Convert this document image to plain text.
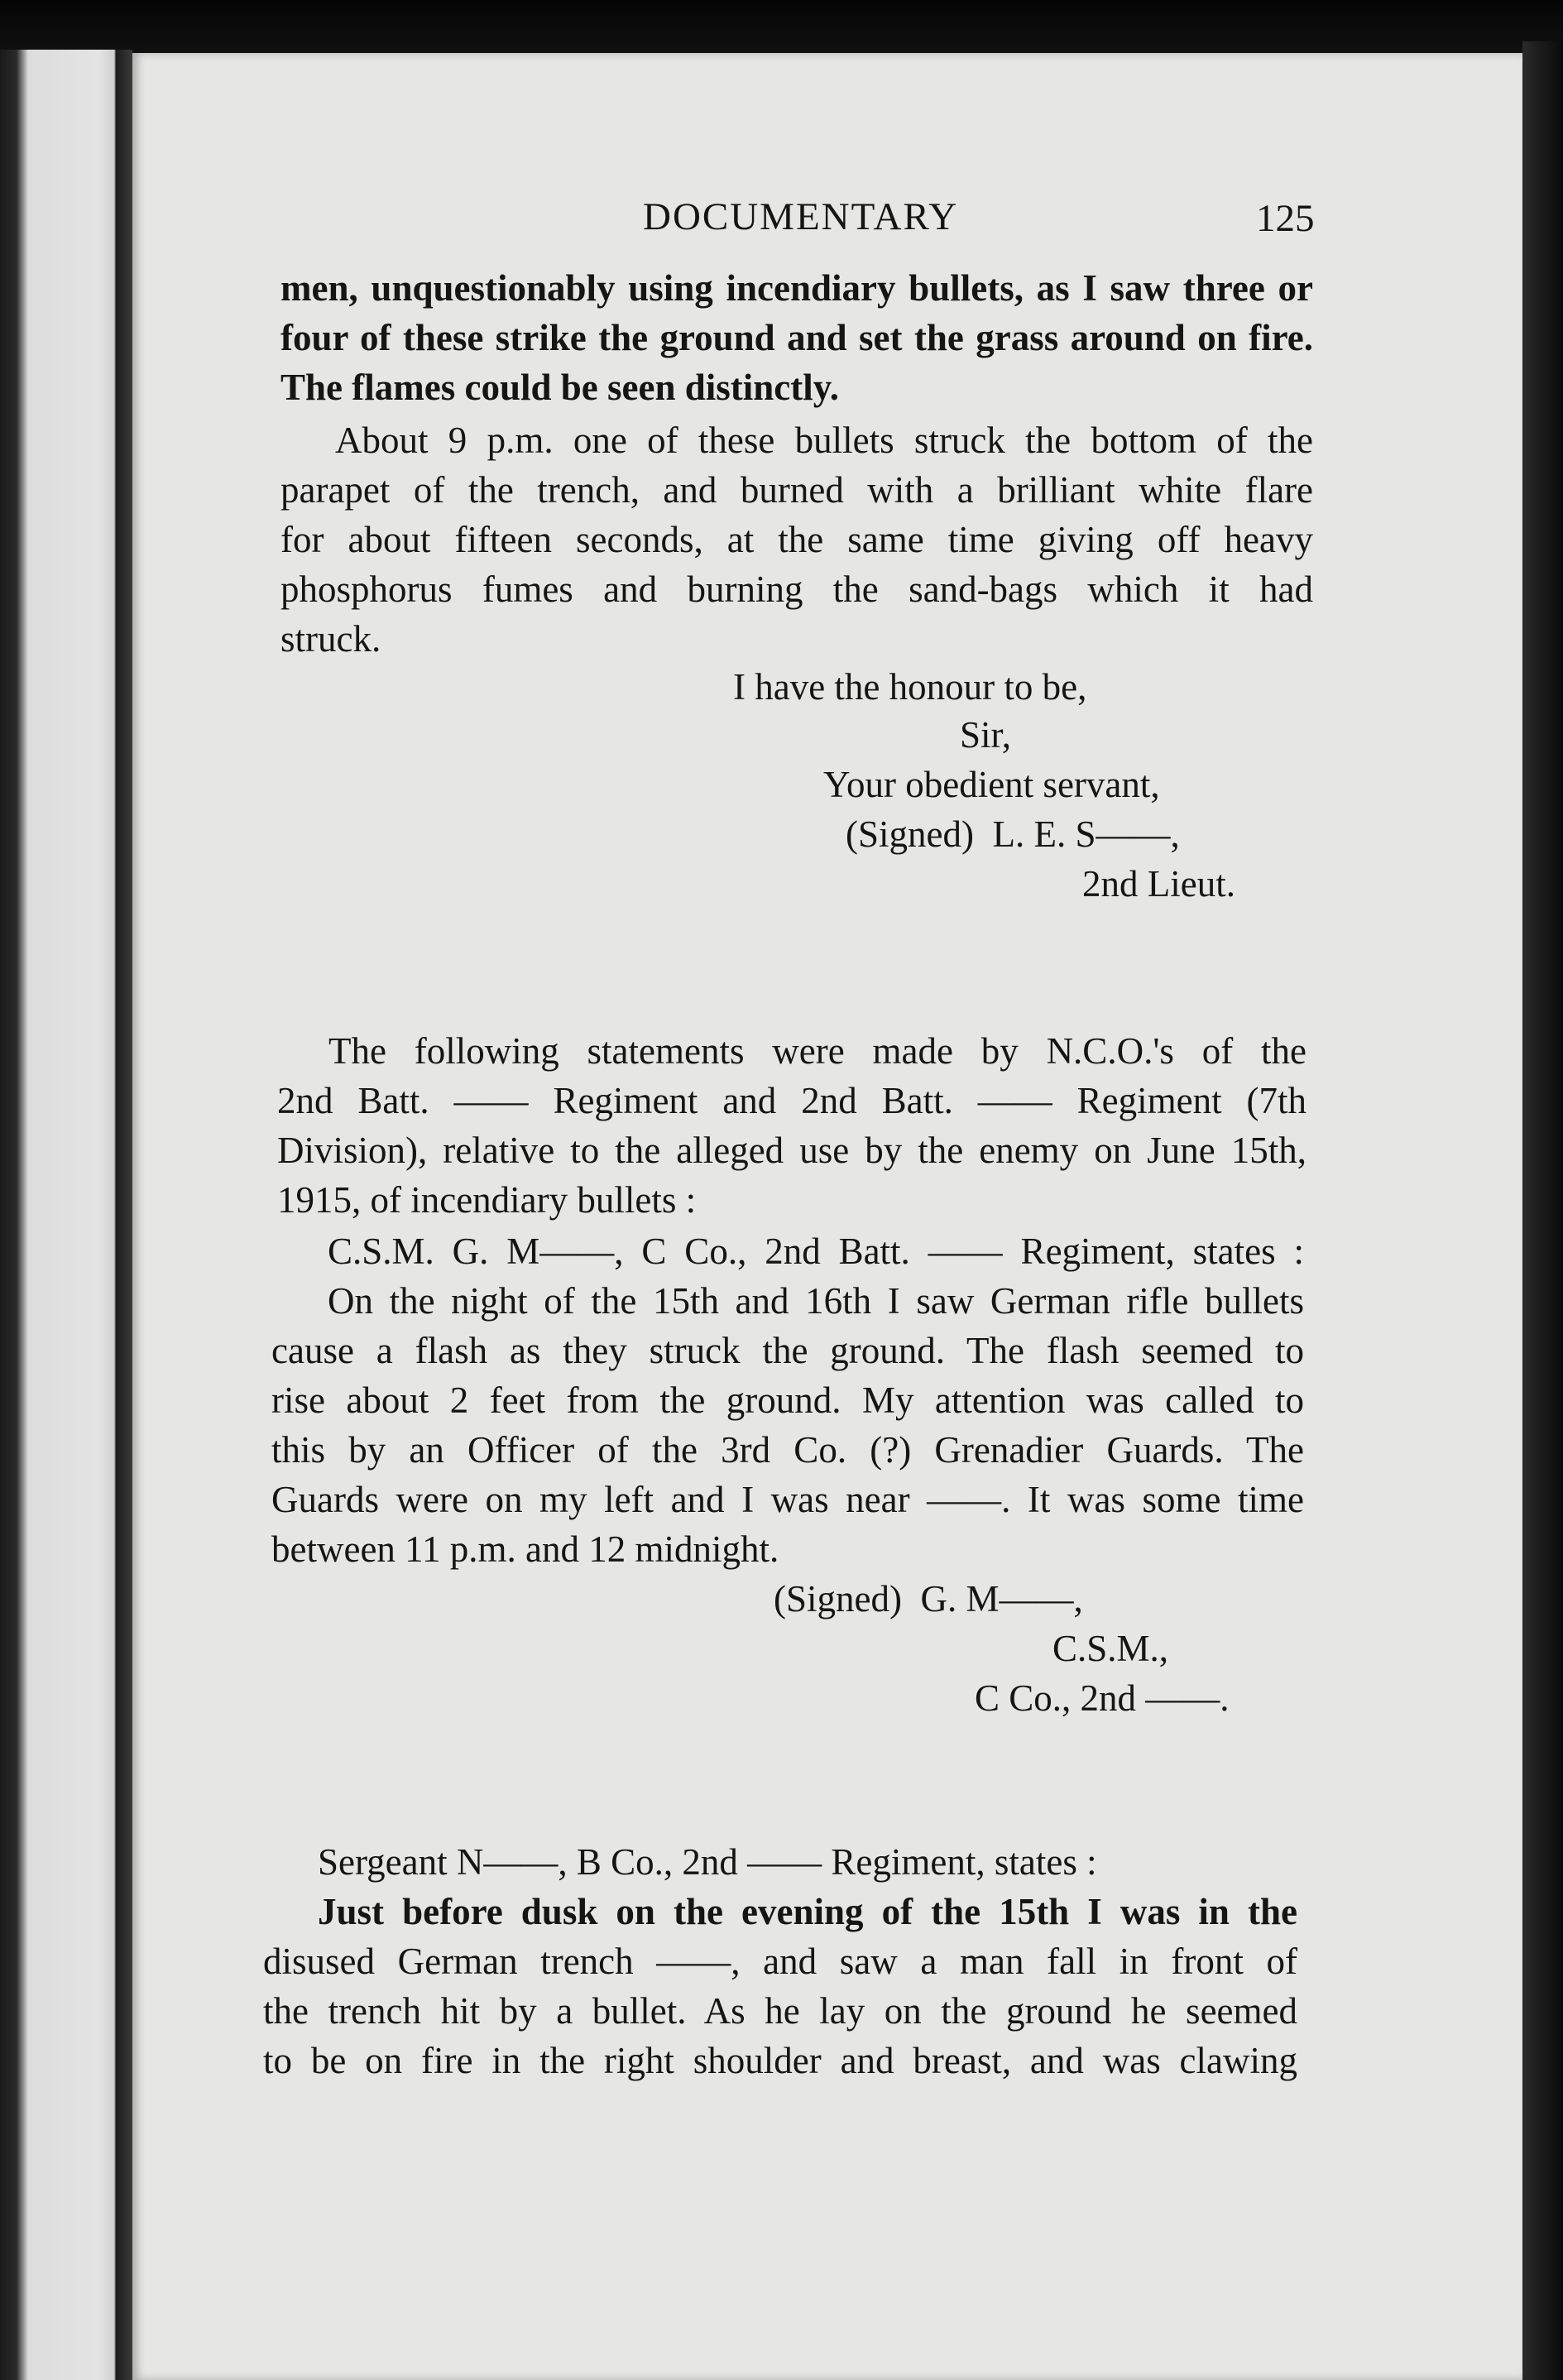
DOCUMENTARY	125
men, unquestionably using incendiary bullets, as I saw three or
four of these strike the ground and set the grass around on fire.
The flames could be seen distinctly.
About 9 p.m. one of these bullets struck the bottom of the
parapet of the trench, and burned with a brilliant white flare
for about fifteen seconds, at the same time giving off heavy
phosphorus fumes and burning the sand-bags which it had
struck.
I have the honour to be,
Sir,
Your obedient servant,
(Signed)  L. E. S——,
2nd Lieut.
The following statements were made by N.C.O.'s of the
2nd Batt. —— Regiment and 2nd Batt. —— Regiment (7th
Division), relative to the alleged use by the enemy on June 15th,
1915, of incendiary bullets :
C.S.M. G. M——, C Co., 2nd Batt. —— Regiment, states :
On the night of the 15th and 16th I saw German rifle bullets
cause a flash as they struck the ground. The flash seemed to
rise about 2 feet from the ground. My attention was called to
this by an Officer of the 3rd Co. (?) Grenadier Guards. The
Guards were on my left and I was near ——. It was some time
between 11 p.m. and 12 midnight.
(Signed)  G. M——,
C.S.M.,
C Co., 2nd ——.
Sergeant N——, B Co., 2nd —— Regiment, states :
Just before dusk on the evening of the 15th I was in the
disused German trench ——, and saw a man fall in front of
the trench hit by a bullet. As he lay on the ground he seemed
to be on fire in the right shoulder and breast, and was clawing
